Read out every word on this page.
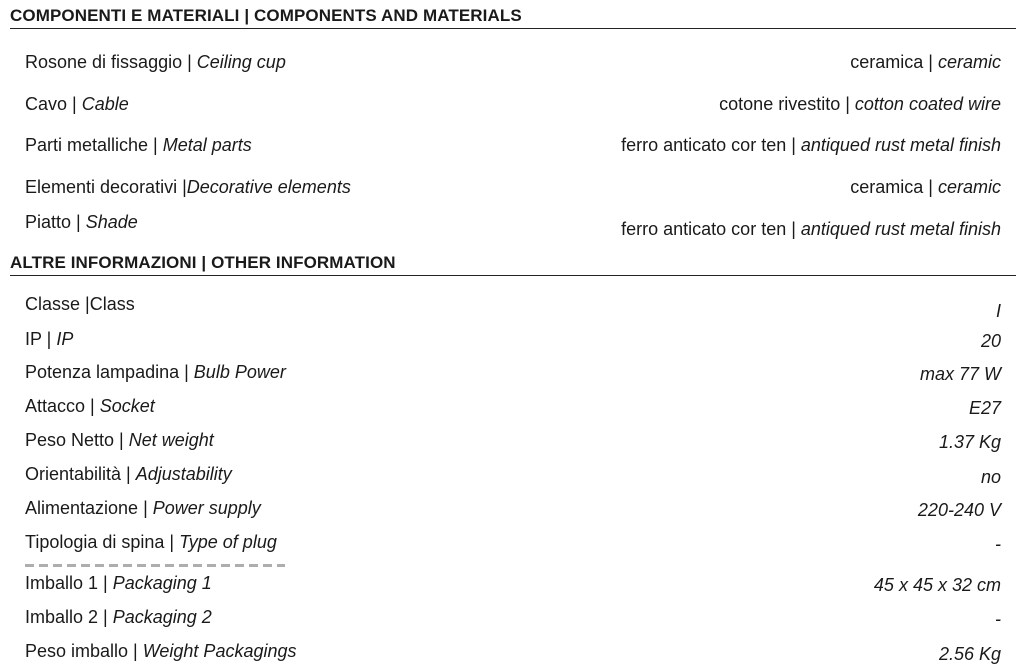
COMPONENTI E MATERIALI | COMPONENTS AND MATERIALS
Rosone di fissaggio | Ceiling cup	ceramica | ceramic
Cavo | Cable	cotone rivestito | cotton coated wire
Parti metalliche | Metal parts	ferro anticato cor ten | antiqued rust metal finish
Elementi decorativi |Decorative elements	ceramica | ceramic
Piatto | Shade	ferro anticato cor ten | antiqued rust metal finish
ALTRE INFORMAZIONI | OTHER INFORMATION
Classe |Class	I
IP | IP	20
Potenza lampadina | Bulb Power	max 77 W
Attacco | Socket	E27
Peso Netto | Net weight	1.37 Kg
Orientabilità | Adjustability	no
Alimentazione | Power supply	220-240 V
Tipologia di spina | Type of plug	-
Imballo 1 | Packaging 1	45 x 45 x 32 cm
Imballo 2 | Packaging 2	-
Peso imballo | Weight Packagings	2.56 Kg
